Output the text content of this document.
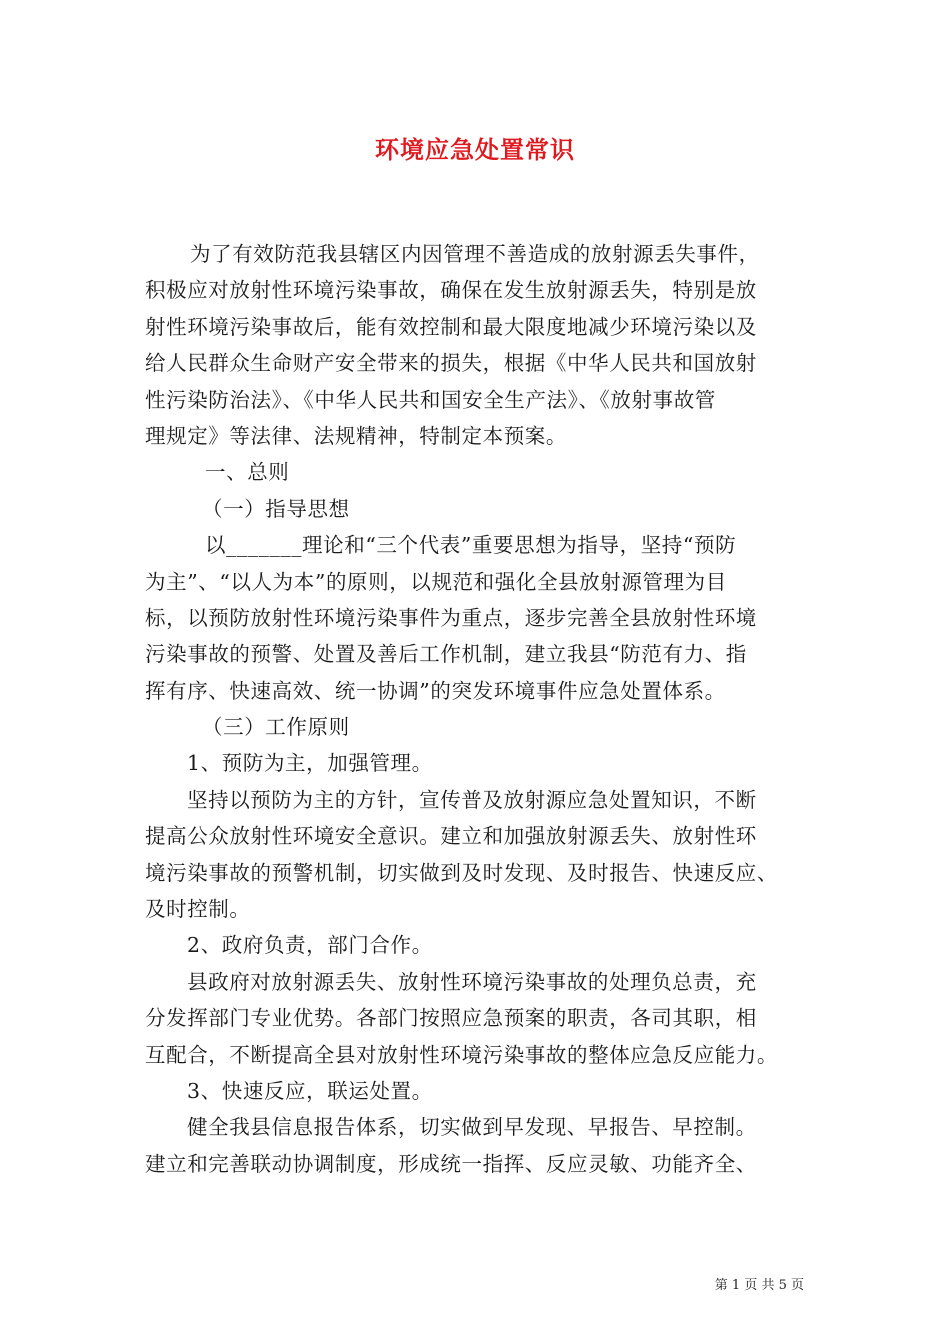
环境应急处置常识
为了有效防范我县辖区内因管理不善造成的放射源丢失事件，
积极应对放射性环境污染事故，确保在发生放射源丢失，特别是放
射性环境污染事故后，能有效控制和最大限度地减少环境污染以及
给人民群众生命财产安全带来的损失，根据《中华人民共和国放射
性污染防治法》、《中华人民共和国安全生产法》、《放射事故管
理规定》等法律、法规精神，特制定本预案。
一、总则
（一）指导思想
以_______理论和“三个代表”重要思想为指导，坚持“预防
为主”、“以人为本”的原则，以规范和强化全县放射源管理为目
标，以预防放射性环境污染事件为重点，逐步完善全县放射性环境
污染事故的预警、处置及善后工作机制，建立我县“防范有力、指
挥有序、快速高效、统一协调”的突发环境事件应急处置体系。
（三）工作原则
1、预防为主，加强管理。
坚持以预防为主的方针，宣传普及放射源应急处置知识，不断
提高公众放射性环境安全意识。建立和加强放射源丢失、放射性环
境污染事故的预警机制，切实做到及时发现、及时报告、快速反应、
及时控制。
2、政府负责，部门合作。
县政府对放射源丢失、放射性环境污染事故的处理负总责，充
分发挥部门专业优势。各部门按照应急预案的职责，各司其职，相
互配合，不断提高全县对放射性环境污染事故的整体应急反应能力。
3、快速反应，联运处置。
健全我县信息报告体系，切实做到早发现、早报告、早控制。
建立和完善联动协调制度，形成统一指挥、反应灵敏、功能齐全、
第 1 页 共 5 页
